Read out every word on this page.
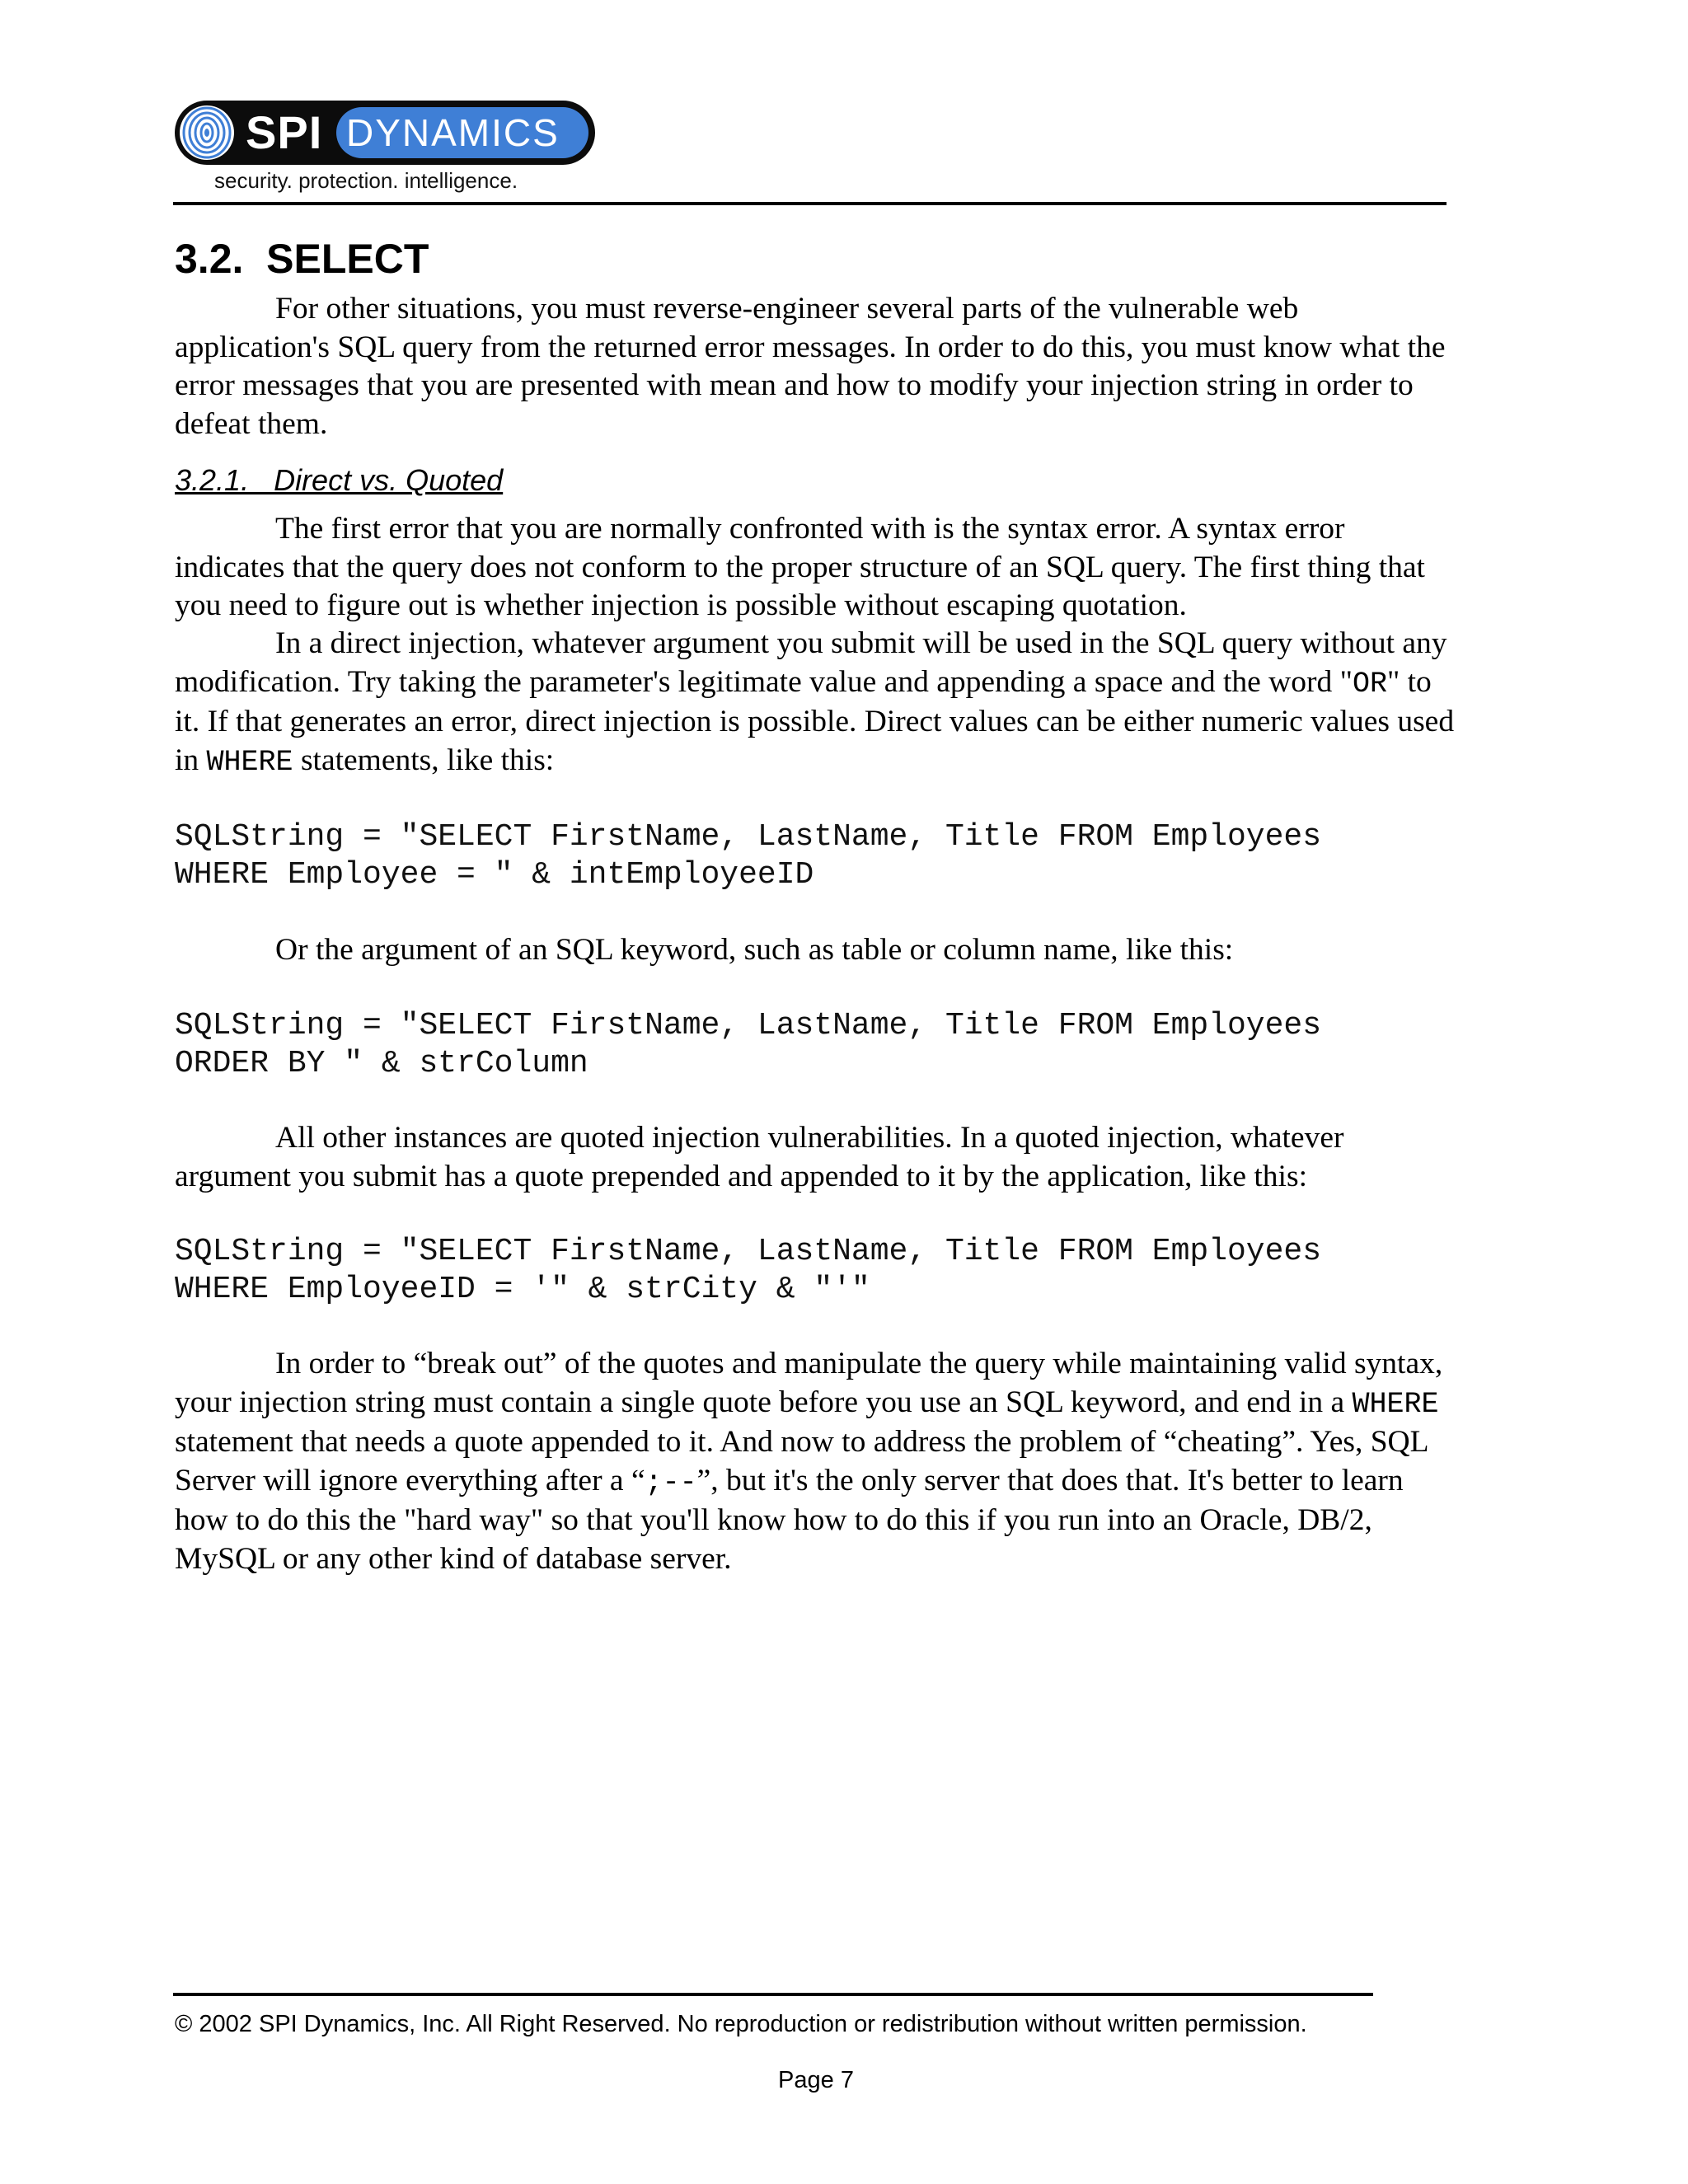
SPI DYNAMICS
security. protection. intelligence.
3.2.  SELECT

For other situations, you must reverse-engineer several parts of the vulnerable web application's SQL query from the returned error messages. In order to do this, you must know what the error messages that you are presented with mean and how to modify your injection string in order to defeat them.

3.2.1.   Direct vs. Quoted

The first error that you are normally confronted with is the syntax error. A syntax error indicates that the query does not conform to the proper structure of an SQL query. The first thing that you need to figure out is whether injection is possible without escaping quotation.

In a direct injection, whatever argument you submit will be used in the SQL query without any modification. Try taking the parameter's legitimate value and appending a space and the word "OR" to it. If that generates an error, direct injection is possible. Direct values can be either numeric values used in WHERE statements, like this:

SQLString = "SELECT FirstName, LastName, Title FROM Employees
WHERE Employee = " & intEmployeeID

Or the argument of an SQL keyword, such as table or column name, like this:

SQLString = "SELECT FirstName, LastName, Title FROM Employees
ORDER BY " & strColumn

All other instances are quoted injection vulnerabilities. In a quoted injection, whatever argument you submit has a quote prepended and appended to it by the application, like this:

SQLString = "SELECT FirstName, LastName, Title FROM Employees
WHERE EmployeeID = '" & strCity & "'"

In order to “break out” of the quotes and manipulate the query while maintaining valid syntax, your injection string must contain a single quote before you use an SQL keyword, and end in a WHERE statement that needs a quote appended to it. And now to address the problem of “cheating”. Yes, SQL Server will ignore everything after a “;--”, but it's the only server that does that. It's better to learn how to do this the "hard way" so that you'll know how to do this if you run into an Oracle, DB/2, MySQL or any other kind of database server.

© 2002 SPI Dynamics, Inc. All Right Reserved. No reproduction or redistribution without written permission.
Page 7
